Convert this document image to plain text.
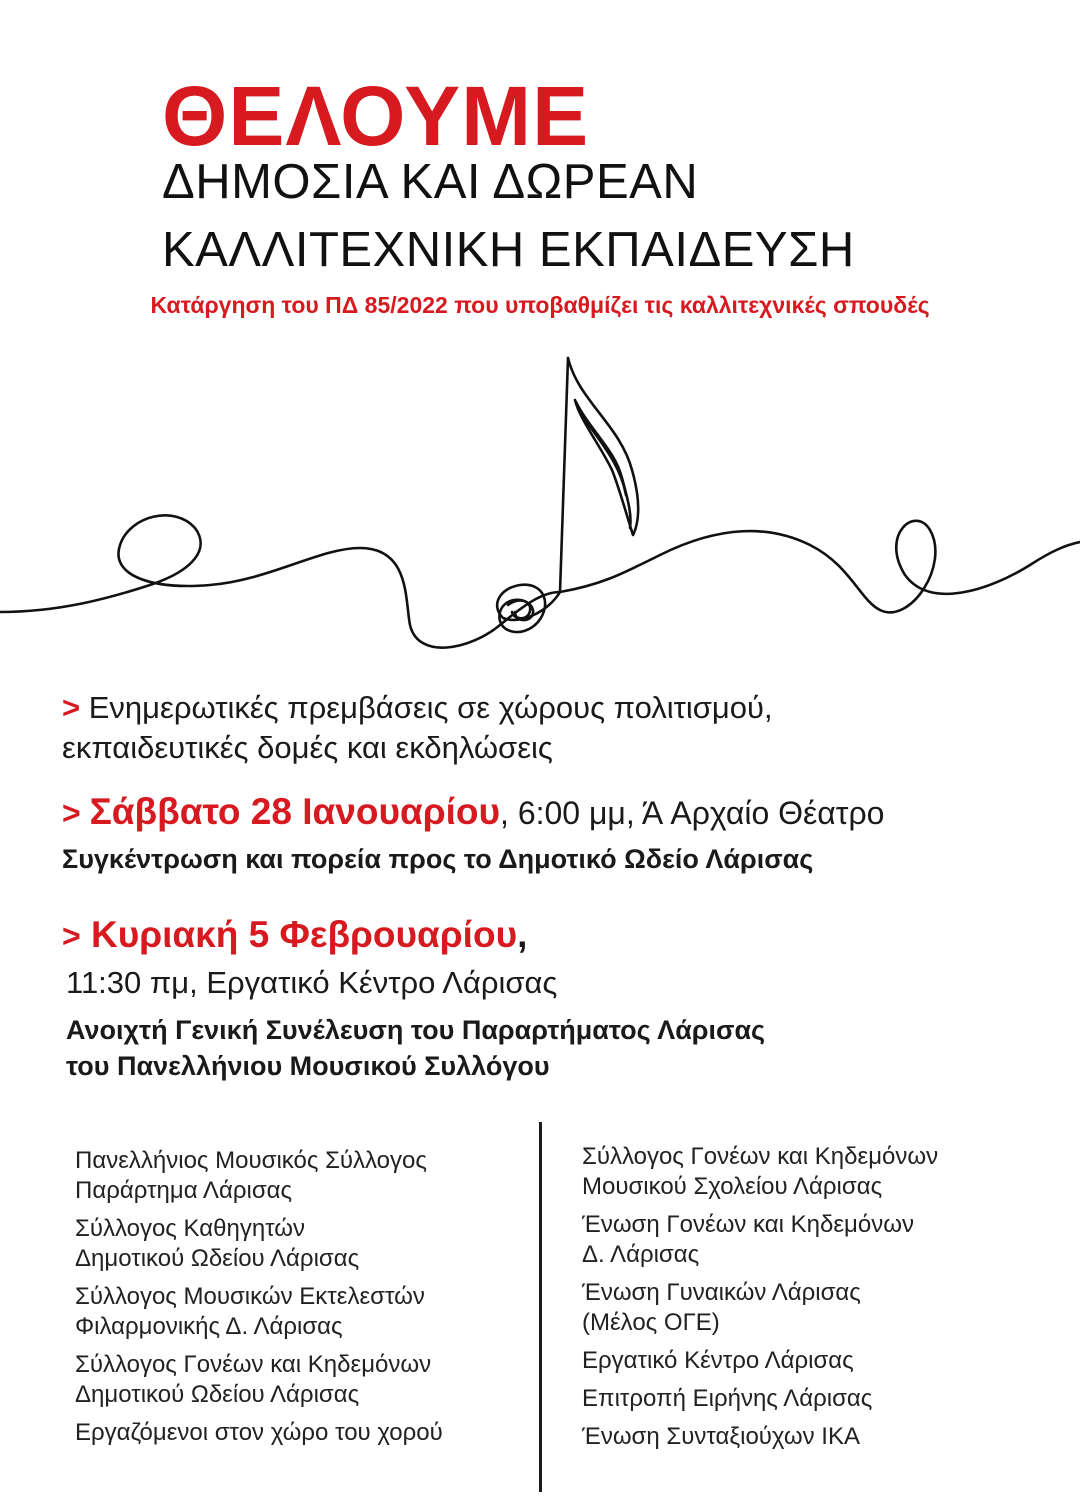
ΘΕΛΟΥΜΕ
ΔΗΜΟΣΙΑ ΚΑΙ ΔΩΡΕΑΝ
ΚΑΛΛΙΤΕΧΝΙΚΗ ΕΚΠΑΙΔΕΥΣΗ
Κατάργηση του ΠΔ 85/2022 που υποβαθμίζει τις καλλιτεχνικές σπουδές
> Ενημερωτικές πρεμβάσεις σε χώρους πολιτισμού,
εκπαιδευτικές δομές και εκδηλώσεις
> Σάββατο 28 Ιανουαρίου, 6:00 μμ, Ά Αρχαίο Θέατρο
Συγκέντρωση και πορεία προς το Δημοτικό Ωδείο Λάρισας
> Κυριακή 5 Φεβρουαρίου,
11:30 πμ, Εργατικό Κέντρο Λάρισας
Ανοιχτή Γενική Συνέλευση του Παραρτήματος Λάρισας
του Πανελλήνιου Μουσικού Συλλόγου
Πανελλήνιος Μουσικός Σύλλογος
Παράρτημα Λάρισας
Σύλλογος Καθηγητών
Δημοτικού Ωδείου Λάρισας
Σύλλογος Μουσικών Εκτελεστών
Φιλαρμονικής Δ. Λάρισας
Σύλλογος Γονέων και Κηδεμόνων
Δημοτικού Ωδείου Λάρισας
Εργαζόμενοι στον χώρο του χορού
Σύλλογος Γονέων και Κηδεμόνων
Μουσικού Σχολείου Λάρισας
Ένωση Γονέων και Κηδεμόνων
Δ. Λάρισας
Ένωση Γυναικών Λάρισας
(Μέλος ΟΓΕ)
Εργατικό Κέντρο Λάρισας
Επιτροπή Ειρήνης Λάρισας
Ένωση Συνταξιούχων ΙΚΑ
